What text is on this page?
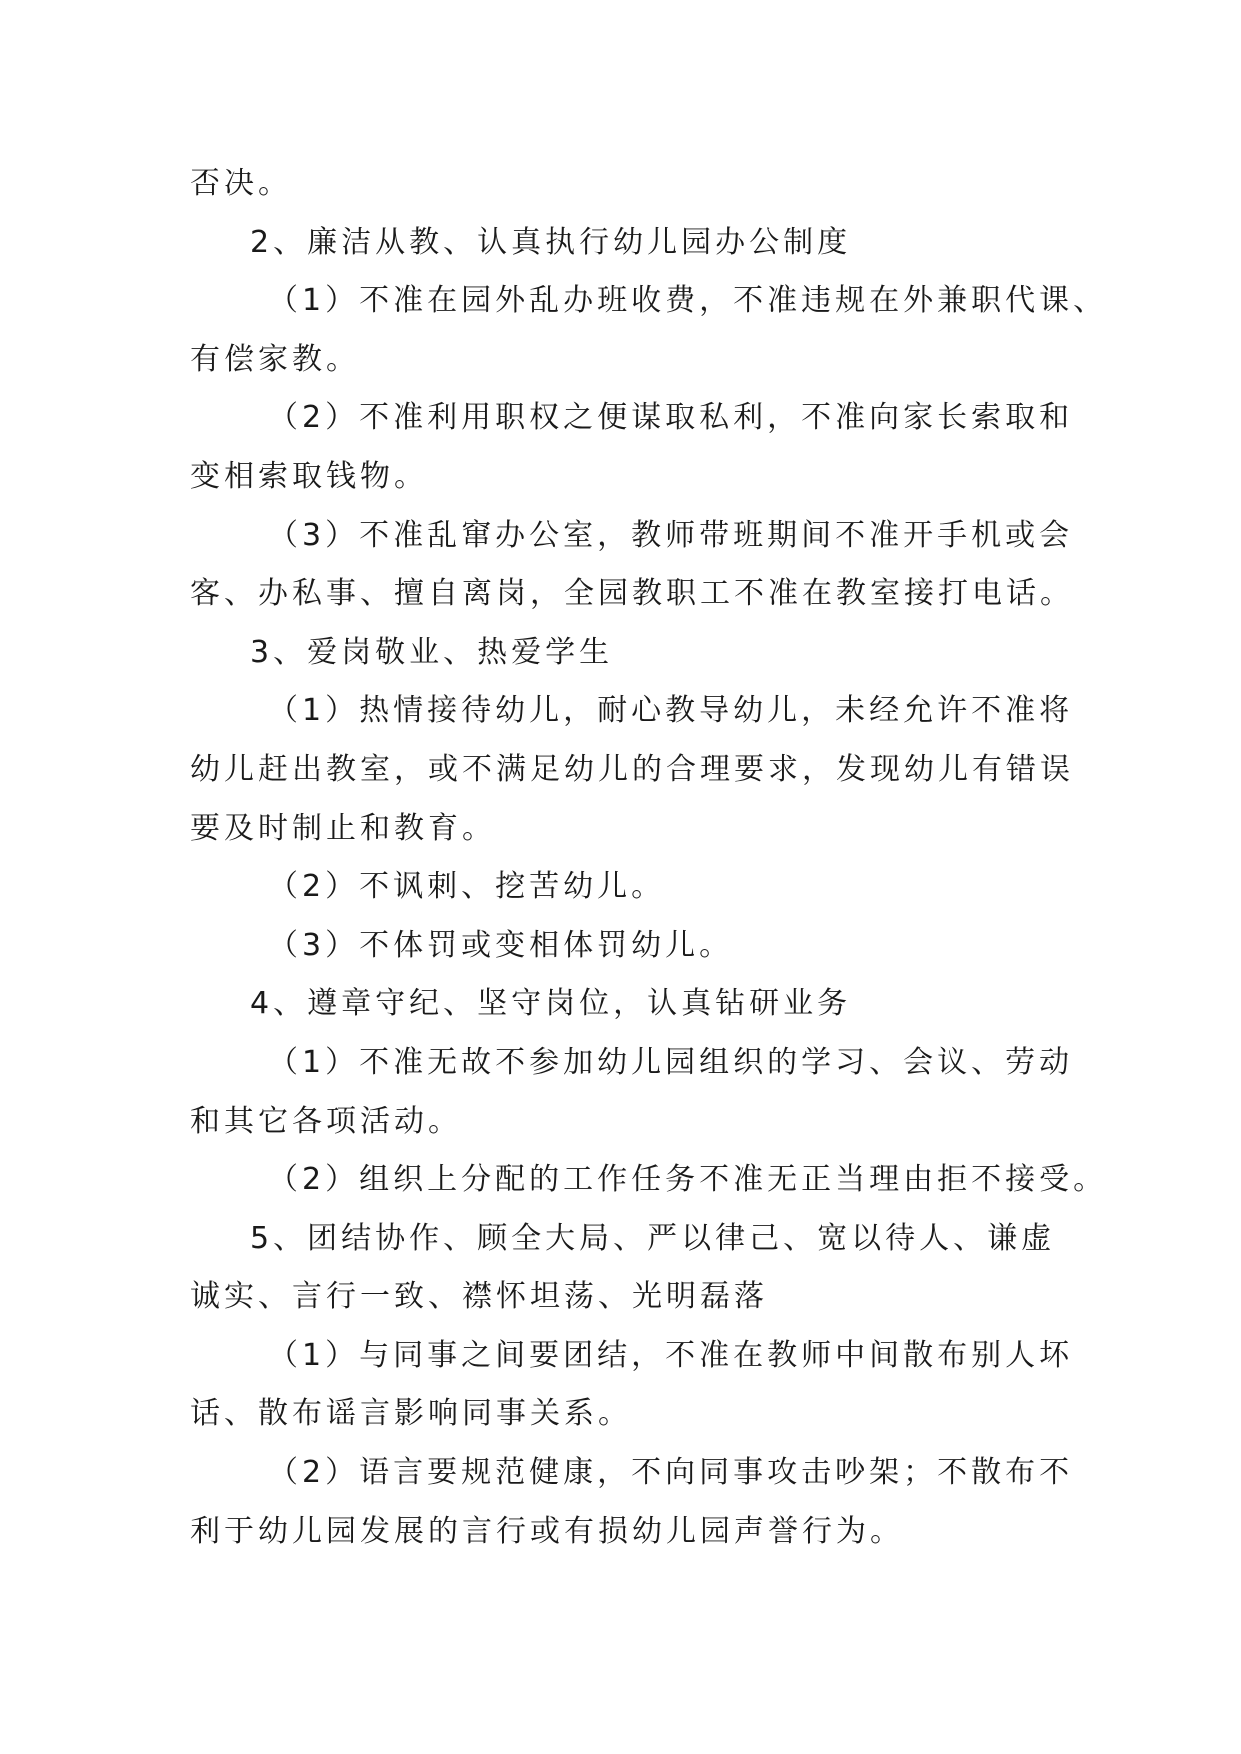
否决。
2、廉洁从教、认真执行幼儿园办公制度
（1）不准在园外乱办班收费，不准违规在外兼职代课、
有偿家教。
（2）不准利用职权之便谋取私利，不准向家长索取和
变相索取钱物。
（3）不准乱窜办公室，教师带班期间不准开手机或会
客、办私事、擅自离岗，全园教职工不准在教室接打电话。
3、爱岗敬业、热爱学生
（1）热情接待幼儿，耐心教导幼儿，未经允许不准将
幼儿赶出教室，或不满足幼儿的合理要求，发现幼儿有错误
要及时制止和教育。
（2）不讽刺、挖苦幼儿。
（3）不体罚或变相体罚幼儿。
4、遵章守纪、坚守岗位，认真钻研业务
（1）不准无故不参加幼儿园组织的学习、会议、劳动
和其它各项活动。
（2）组织上分配的工作任务不准无正当理由拒不接受。
5、团结协作、顾全大局、严以律己、宽以待人、谦虚
诚实、言行一致、襟怀坦荡、光明磊落
（1）与同事之间要团结，不准在教师中间散布别人坏
话、散布谣言影响同事关系。
（2）语言要规范健康，不向同事攻击吵架；不散布不
利于幼儿园发展的言行或有损幼儿园声誉行为。
